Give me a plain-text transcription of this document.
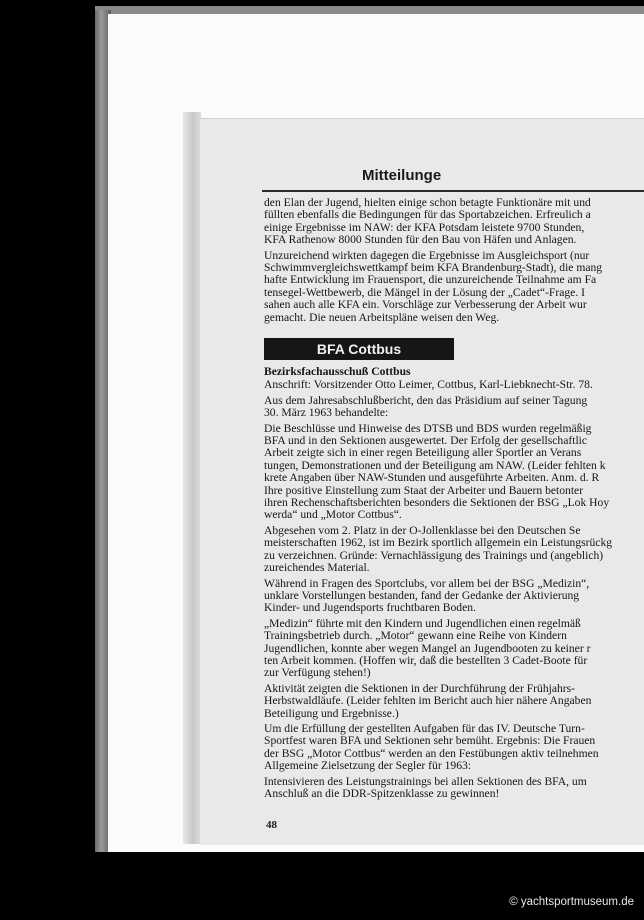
Mitteilunge

den Elan der Jugend, hielten einige schon betagte Funktionäre mit und
füllten ebenfalls die Bedingungen für das Sportabzeichen. Erfreulich a
einige Ergebnisse im NAW: der KFA Potsdam leistete 9700 Stunden,
KFA Rathenow 8000 Stunden für den Bau von Häfen und Anlagen.

Unzureichend wirkten dagegen die Ergebnisse im Ausgleichsport (nur
Schwimmvergleichswettkampf beim KFA Brandenburg-Stadt), die mang
hafte Entwicklung im Frauensport, die unzureichende Teilnahme am Fa
tensegel-Wettbewerb, die Mängel in der Lösung der „Cadet“-Frage. I
sahen auch alle KFA ein. Vorschläge zur Verbesserung der Arbeit wur
gemacht. Die neuen Arbeitspläne weisen den Weg.

BFA Cottbus

Bezirksfachausschuß Cottbus

Anschrift: Vorsitzender Otto Leimer, Cottbus, Karl-Liebknecht-Str. 78.

Aus dem Jahresabschlußbericht, den das Präsidium auf seiner Tagung
30. März 1963 behandelte:

Die Beschlüsse und Hinweise des DTSB und BDS wurden regelmäßig
BFA und in den Sektionen ausgewertet. Der Erfolg der gesellschaftlic
Arbeit zeigte sich in einer regen Beteiligung aller Sportler an Verans
tungen, Demonstrationen und der Beteiligung am NAW. (Leider fehlten k
krete Angaben über NAW-Stunden und ausgeführte Arbeiten. Anm. d. R
Ihre positive Einstellung zum Staat der Arbeiter und Bauern betonter
ihren Rechenschaftsberichten besonders die Sektionen der BSG „Lok Hoy
werda“ und „Motor Cottbus“.

Abgesehen vom 2. Platz in der O-Jollenklasse bei den Deutschen Se
meisterschaften 1962, ist im Bezirk sportlich allgemein ein Leistungsrückg
zu verzeichnen. Gründe: Vernachlässigung des Trainings und (angeblich)
zureichendes Material.

Während in Fragen des Sportclubs, vor allem bei der BSG „Medizin“,
unklare Vorstellungen bestanden, fand der Gedanke der Aktivierung
Kinder- und Jugendsports fruchtbaren Boden.

„Medizin“ führte mit den Kindern und Jugendlichen einen regelmäß
Trainingsbetrieb durch. „Motor“ gewann eine Reihe von Kindern
Jugendlichen, konnte aber wegen Mangel an Jugendbooten zu keiner r
ten Arbeit kommen. (Hoffen wir, daß die bestellten 3 Cadet-Boote für
zur Verfügung stehen!)

Aktivität zeigten die Sektionen in der Durchführung der Frühjahrs-
Herbstwaldläufe. (Leider fehlten im Bericht auch hier nähere Angaben
Beteiligung und Ergebnisse.)

Um die Erfüllung der gestellten Aufgaben für das IV. Deutsche Turn-
Sportfest waren BFA und Sektionen sehr bemüht. Ergebnis: Die Frauen
der BSG „Motor Cottbus“ werden an den Festübungen aktiv teilnehmen
Allgemeine Zielsetzung der Segler für 1963:

Intensivieren des Leistungstrainings bei allen Sektionen des BFA, um
Anschluß an die DDR-Spitzenklasse zu gewinnen!

48
© yachtsportmuseum.de
